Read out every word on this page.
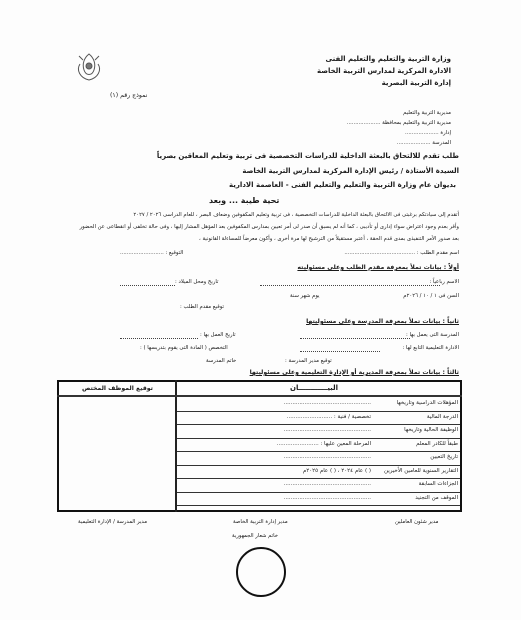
وزارة التربية والتعليم والتعليم الفنى
الادارة المركزية لمدارس التربية الخاصة
إدارة التربية البصرية
نموذج رقم (١)
مديرية التربية والتعليم
مديرية التربية والتعليم بمحافظة ....................
إدارة ....................
المدرسة ....................
طلب تقدم للالتحاق بالبعثة الداخلية للدراسات التخصصية فى تربية وتعليم المعاقين بصرياً
السيدة الأستاذة / رئيس الإدارة المركزية لمدارس التربية الخاصة
بديوان عام وزارة التربية والتعليم والتعليم الفنى - العاصمة الادارية
تحية طيبة ... وبعد
أتقدم إلى سيادتكم برغبتى فى الالتحاق بالبعثة الداخلية للدراسات التخصصية ، فى تربية وتعليم المكفوفين وضعاف البصر ، للعام الدراسى ٢٠٢٦ / ٢٠٢٧
وأقر بعدم وجود اعتراض سواء إدارى أو تأديبى ، كما أنه لم يسبق أن صدر لى أمر تعيين بمدارس المكفوفين بعد المؤهل المشار إليها ، وفى حالة تخلفى أو انقطاعى عن الحضور
بعد صدور الأمر التنفيذى بمدى قدم الحقة ، أعتبر مستقيلاً من الترشيح لها مرة أخرى ، وأكون معرضاً للمساءلة القانونية ،
اسم مقدم الطلب : ..........................................
التوقيع : ..........................
أولاً : بيانات تملأ بمعرفة مقدم الطلب وعلى مسئوليته
الاسم رباعياً :
تاريخ ومحل الميلاد :
السن فى ١ / ١٠ / ٢٠٢٦م
يوم شهر سنة
توقيع مقدم الطلب :
ثانياً : بيانات تملأ بمعرفة المدرسة وعلى مسئوليتها
المدرسة التى يعمل بها :
تاريخ العمل بها :
الادارة التعليمية التابع لها :
التخصص ( المادة التى يقوم بتدريسها ) :
توقيع مدير المدرسة :
خاتم المدرسة
ثالثاً : بيانات تملأ بمعرفة المديرية أو الإدارة التعليمية وعلى مسئوليتها
البيــــــــــــان
توقيع الموظف المختص
المؤهلات الدراسية وتاريخها
..................................................
الدرجة المالية
تخصصية / فنية : ..........................
الوظيفة الحالية وتاريخها
..................................................
طبقاً للكادر المعلم
المرحلة المعين عليها : ........................
تاريخ التعيين
..................................................
التقارير السنوية للعامين الأخيرين
( ) عام ٢٠٢٤ ، ( ) عام ٢٠٢٥م
الجزاءات السابقة
..................................................
الموقف من التجنيد
..................................................
مدير شئون العاملين
مدير إدارة التربية الخاصة
مدير المدرسة / الإدارة التعليمية
خاتم شعار الجمهورية
